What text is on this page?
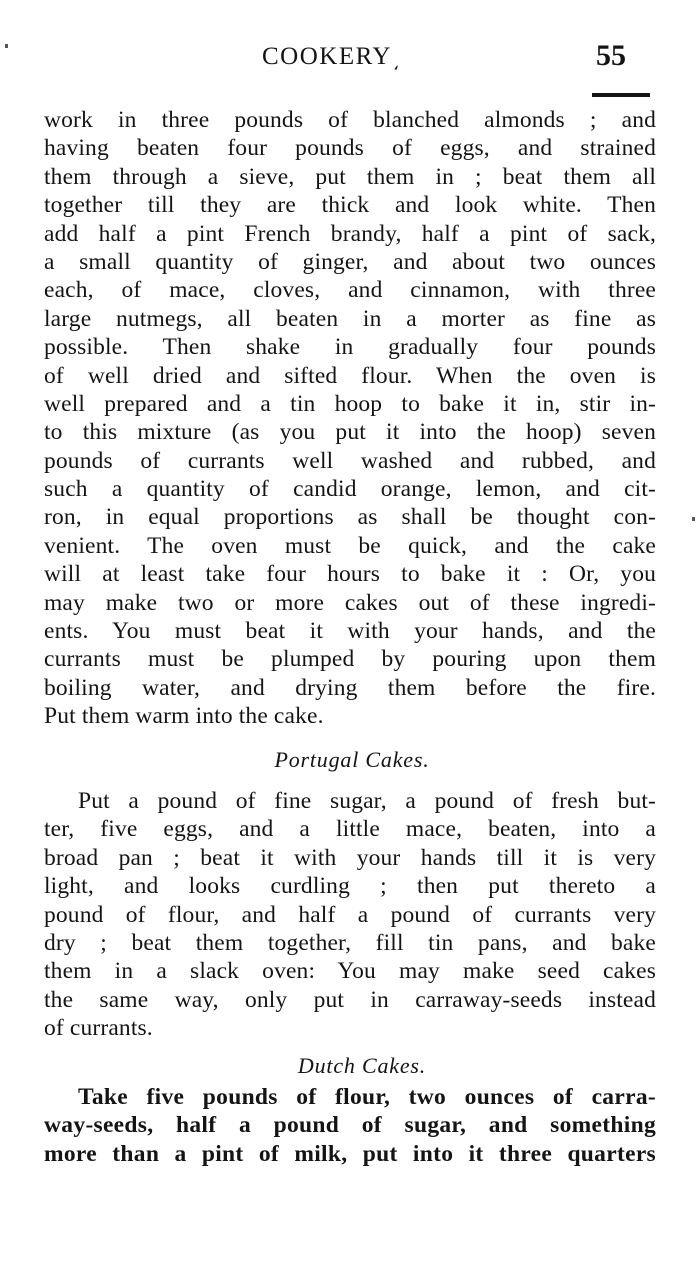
COOKERY͵	55
work in three pounds of blanched almonds ; and
having beaten four pounds of eggs, and strained
them through a sieve, put them in ; beat them all
together till they are thick and look white. Then
add half a pint French brandy, half a pint of sack,
a small quantity of ginger, and about two ounces
each, of mace, cloves, and cinnamon, with three
large nutmegs, all beaten in a morter as fine as
possible. Then shake in gradually four pounds
of well dried and sifted flour. When the oven is
well prepared and a tin hoop to bake it in, stir in-
to this mixture (as you put it into the hoop) seven
pounds of currants well washed and rubbed, and
such a quantity of candid orange, lemon, and cit-
ron, in equal proportions as shall be thought con-
venient. The oven must be quick, and the cake
will at least take four hours to bake it : Or, you
may make two or more cakes out of these ingredi-
ents. You must beat it with your hands, and the
currants must be plumped by pouring upon them
boiling water, and drying them before the fire.
Put them warm into the cake.
Portugal Cakes.
Put a pound of fine sugar, a pound of fresh but-
ter, five eggs, and a little mace, beaten, into a
broad pan ; beat it with your hands till it is very
light, and looks curdling ; then put thereto a
pound of flour, and half a pound of currants very
dry ; beat them together, fill tin pans, and bake
them in a slack oven: You may make seed cakes
the same way, only put in carraway-seeds instead
of currants.
Dutch Cakes.
Take five pounds of flour, two ounces of carra-
way-seeds, half a pound of sugar, and something
more than a pint of milk, put into it three quarters
